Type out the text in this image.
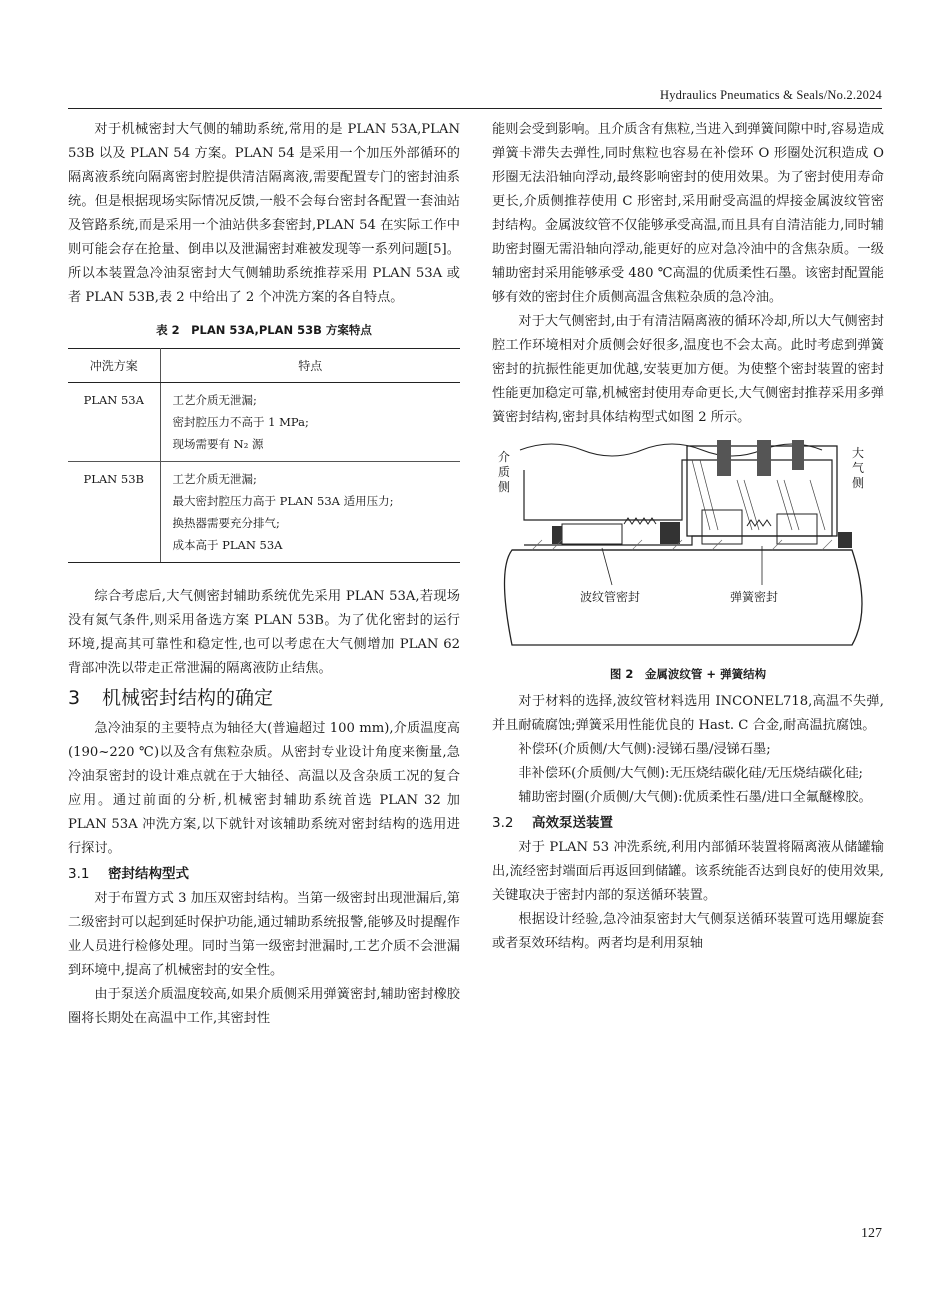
Hydraulics Pneumatics & Seals/No.2.2024

对于机械密封大气侧的辅助系统,常用的是 PLAN 53A,PLAN 53B 以及 PLAN 54 方案。PLAN 54 是采用一个加压外部循环的隔离液系统向隔离密封腔提供清洁隔离液,需要配置专门的密封油系统。但是根据现场实际情况反馈,一般不会每台密封各配置一套油站及管路系统,而是采用一个油站供多套密封,PLAN 54 在实际工作中则可能会存在抢量、倒串以及泄漏密封难被发现等一系列问题[5]。所以本装置急冷油泵密封大气侧辅助系统推荐采用 PLAN 53A 或者 PLAN 53B,表 2 中给出了 2 个冲洗方案的各自特点。

表 2　PLAN 53A,PLAN 53B 方案特点
冲洗方案	特点
PLAN 53A	工艺介质无泄漏;
密封腔压力不高于 1 MPa;
现场需要有 N₂ 源

PLAN 53B	工艺介质无泄漏;
最大密封腔压力高于 PLAN 53A 适用压力;
换热器需要充分排气;
成本高于 PLAN 53A

综合考虑后,大气侧密封辅助系统优先采用 PLAN 53A,若现场没有氮气条件,则采用备选方案 PLAN 53B。为了优化密封的运行环境,提高其可靠性和稳定性,也可以考虑在大气侧增加 PLAN 62 背部冲洗以带走正常泄漏的隔离液防止结焦。

3 机械密封结构的确定

急冷油泵的主要特点为轴径大(普遍超过 100 mm),介质温度高(190~220 ℃)以及含有焦粒杂质。从密封专业设计角度来衡量,急冷油泵密封的设计难点就在于大轴径、高温以及含杂质工况的复合应用。通过前面的分析,机械密封辅助系统首选 PLAN 32 加 PLAN 53A 冲洗方案,以下就针对该辅助系统对密封结构的选用进行探讨。

3.1 密封结构型式

对于布置方式 3 加压双密封结构。当第一级密封出现泄漏后,第二级密封可以起到延时保护功能,通过辅助系统报警,能够及时提醒作业人员进行检修处理。同时当第一级密封泄漏时,工艺介质不会泄漏到环境中,提高了机械密封的安全性。

由于泵送介质温度较高,如果介质侧采用弹簧密封,辅助密封橡胶圈将长期处在高温中工作,其密封性

能则会受到影响。且介质含有焦粒,当进入到弹簧间隙中时,容易造成弹簧卡滞失去弹性,同时焦粒也容易在补偿环 O 形圈处沉积造成 O 形圈无法沿轴向浮动,最终影响密封的使用效果。为了密封使用寿命更长,介质侧推荐使用 C 形密封,采用耐受高温的焊接金属波纹管密封结构。金属波纹管不仅能够承受高温,而且具有自清洁能力,同时辅助密封圈无需沿轴向浮动,能更好的应对急冷油中的含焦杂质。一级辅助密封采用能够承受 480 ℃高温的优质柔性石墨。该密封配置能够有效的密封住介质侧高温含焦粒杂质的急冷油。

对于大气侧密封,由于有清洁隔离液的循环冷却,所以大气侧密封腔工作环境相对介质侧会好很多,温度也不会太高。此时考虑到弹簧密封的抗振性能更加优越,安装更加方便。为使整个密封装置的密封性能更加稳定可靠,机械密封使用寿命更长,大气侧密封推荐采用多弹簧密封结构,密封具体结构型式如图 2 所示。

介质侧
大气侧
波纹管密封	弹簧密封
图 2　金属波纹管 + 弹簧结构

对于材料的选择,波纹管材料选用 INCONEL718,高温不失弹,并且耐硫腐蚀;弹簧采用性能优良的 Hast. C 合金,耐高温抗腐蚀。

补偿环(介质侧/大气侧):浸锑石墨/浸锑石墨;

非补偿环(介质侧/大气侧):无压烧结碳化硅/无压烧结碳化硅;

辅助密封圈(介质侧/大气侧):优质柔性石墨/进口全氟醚橡胶。

3.2 高效泵送装置

对于 PLAN 53 冲洗系统,利用内部循环装置将隔离液从储罐输出,流经密封端面后再返回到储罐。该系统能否达到良好的使用效果,关键取决于密封内部的泵送循环装置。

根据设计经验,急冷油泵密封大气侧泵送循环装置可选用螺旋套或者泵效环结构。两者均是利用泵轴

127
